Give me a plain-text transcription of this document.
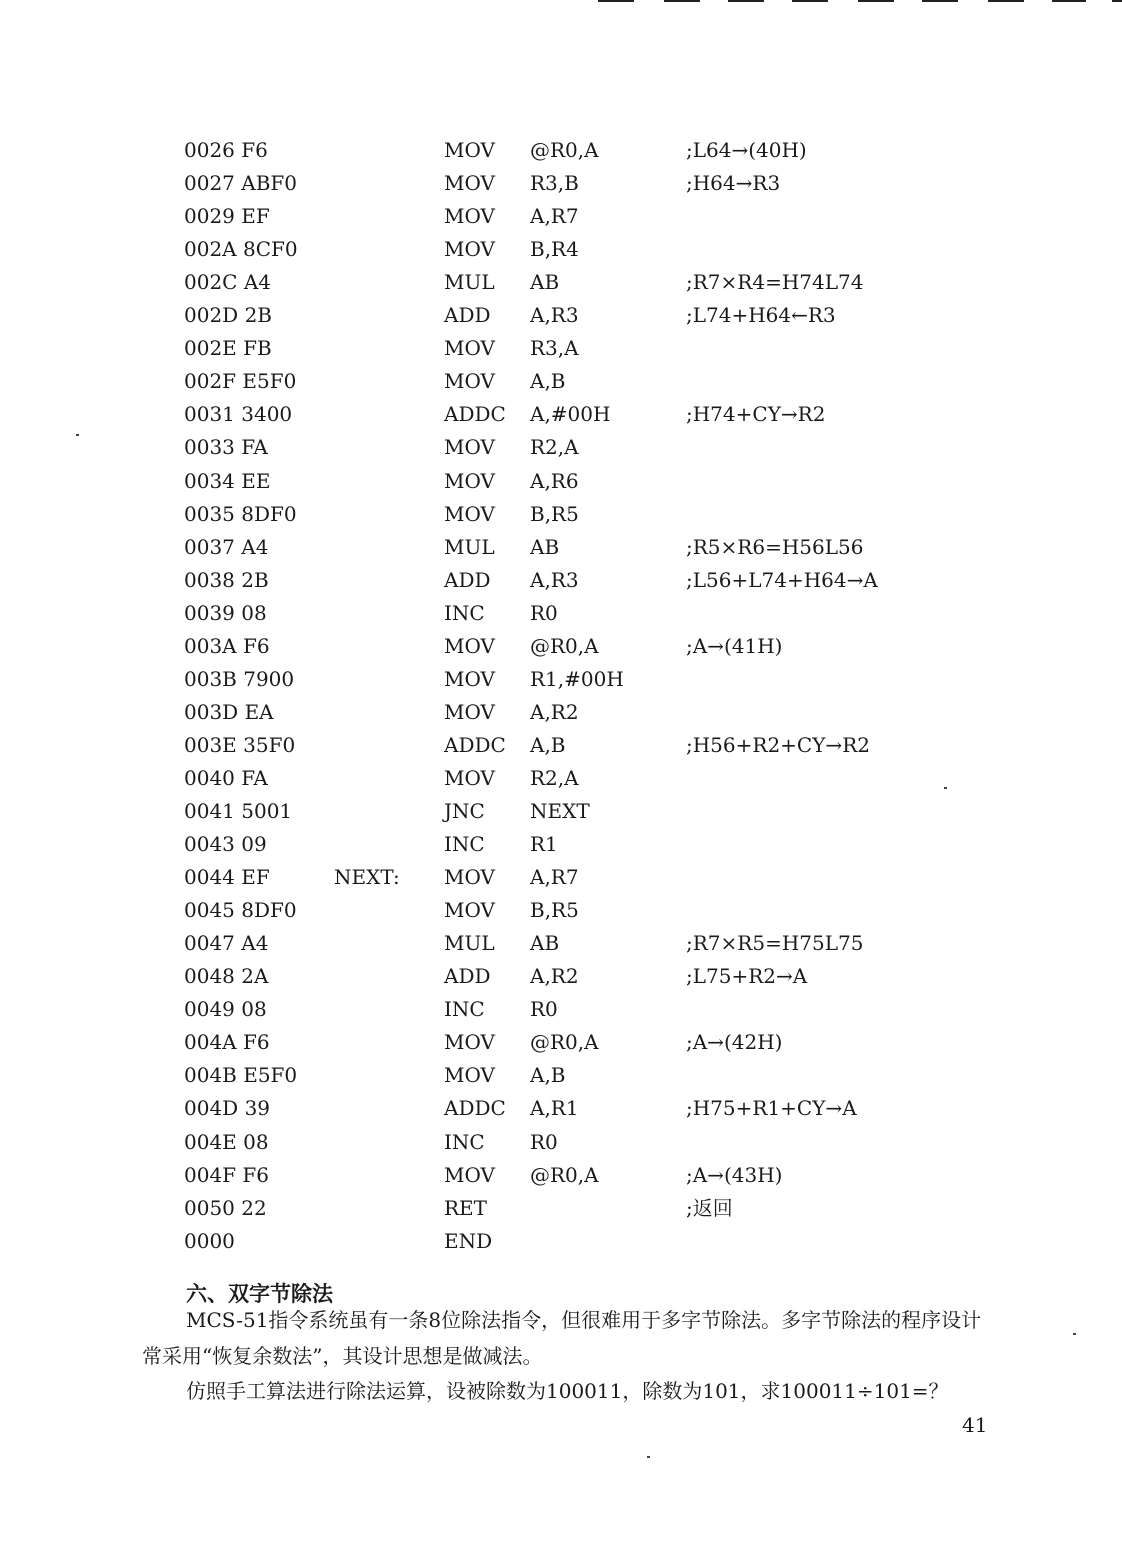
0026 F6	MOV @R0,A	;L64→(40H)
0027 ABF0	MOV R3,B	;H64→R3
0029 EF	MOV A,R7
002A 8CF0	MOV B,R4
002C A4	MUL AB	;R7×R4=H74L74
002D 2B	ADD A,R3	;L74+H64←R3
002E FB	MOV R3,A
002F E5F0	MOV A,B
0031 3400	ADDC A,#00H	;H74+CY→R2
0033 FA	MOV R2,A
0034 EE	MOV A,R6
0035 8DF0	MOV B,R5
0037 A4	MUL AB	;R5×R6=H56L56
0038 2B	ADD A,R3	;L56+L74+H64→A
0039 08	INC R0
003A F6	MOV @R0,A	;A→(41H)
003B 7900	MOV R1,#00H
003D EA	MOV A,R2
003E 35F0	ADDC A,B	;H56+R2+CY→R2
0040 FA	MOV R2,A
0041 5001	JNC NEXT
0043 09	INC R1
0044 EF	NEXT: MOV A,R7
0045 8DF0	MOV B,R5
0047 A4	MUL AB	;R7×R5=H75L75
0048 2A	ADD A,R2	;L75+R2→A
0049 08	INC R0
004A F6	MOV @R0,A	;A→(42H)
004B E5F0	MOV A,B
004D 39	ADDC A,R1	;H75+R1+CY→A
004E 08	INC R0
004F F6	MOV @R0,A	;A→(43H)
0050 22	RET	;返回
0000	END
六、双字节除法
MCS-51指令系统虽有一条8位除法指令，但很难用于多字节除法。多字节除法的程序设计
常采用“恢复余数法”，其设计思想是做减法。
仿照手工算法进行除法运算，设被除数为100011，除数为101，求100011÷101=？
41
